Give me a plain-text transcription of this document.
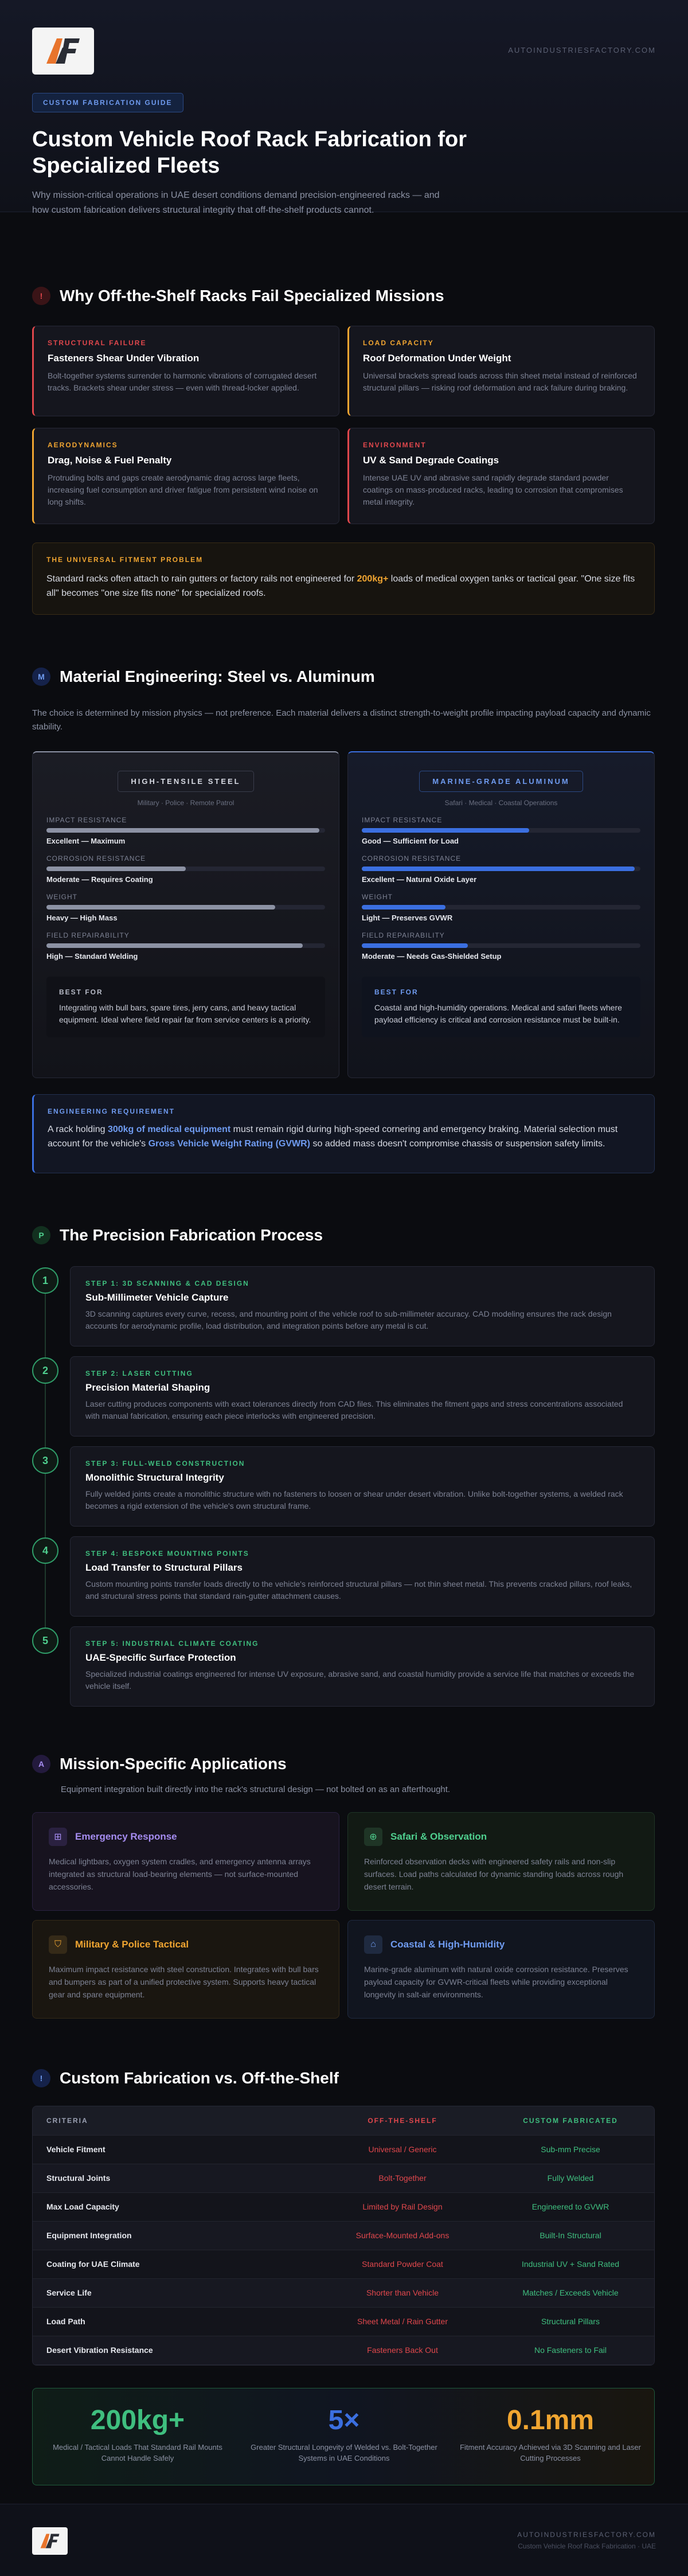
AUTOINDUSTRIESFACTORY.COM
CUSTOM FABRICATION GUIDE
Custom Vehicle Roof Rack Fabrication for Specialized Fleets

Why mission-critical operations in UAE desert conditions demand precision-engineered racks — and how custom fabrication delivers structural integrity that off-the-shelf products cannot.

!	Why Off-the-Shelf Racks Fail Specialized Missions
STRUCTURAL FAILURE
Fasteners Shear Under Vibration

Bolt-together systems surrender to harmonic vibrations of corrugated desert tracks. Brackets shear under stress — even with thread-locker applied.

LOAD CAPACITY
Roof Deformation Under Weight

Universal brackets spread loads across thin sheet metal instead of reinforced structural pillars — risking roof deformation and rack failure during braking.

AERODYNAMICS
Drag, Noise & Fuel Penalty

Protruding bolts and gaps create aerodynamic drag across large fleets, increasing fuel consumption and driver fatigue from persistent wind noise on long shifts.

ENVIRONMENT
UV & Sand Degrade Coatings

Intense UAE UV and abrasive sand rapidly degrade standard powder coatings on mass-produced racks, leading to corrosion that compromises metal integrity.

THE UNIVERSAL FITMENT PROBLEM

Standard racks often attach to rain gutters or factory rails not engineered for 200kg+ loads of medical oxygen tanks or tactical gear. "One size fits all" becomes "one size fits none" for specialized roofs.

M Material Engineering: Steel vs. Aluminum

The choice is determined by mission physics — not preference. Each material delivers a distinct strength-to-weight profile impacting payload capacity and dynamic stability.

HIGH-TENSILE STEEL
Military · Police · Remote Patrol
IMPACT RESISTANCE
Excellent — Maximum
CORROSION RESISTANCE
Moderate — Requires Coating
WEIGHT
Heavy — High Mass
FIELD REPAIRABILITY
High — Standard Welding
BEST FOR

Integrating with bull bars, spare tires, jerry cans, and heavy tactical equipment. Ideal where field repair far from service centers is a priority.

MARINE-GRADE ALUMINUM
Safari · Medical · Coastal Operations
IMPACT RESISTANCE
Good — Sufficient for Load
CORROSION RESISTANCE
Excellent — Natural Oxide Layer
WEIGHT
Light — Preserves GVWR
FIELD REPAIRABILITY
Moderate — Needs Gas-Shielded Setup
BEST FOR

Coastal and high-humidity operations. Medical and safari fleets where payload efficiency is critical and corrosion resistance must be built-in.

ENGINEERING REQUIREMENT

A rack holding 300kg of medical equipment must remain rigid during high-speed cornering and emergency braking. Material selection must account for the vehicle's Gross Vehicle Weight Rating (GVWR) so added mass doesn't compromise chassis or suspension safety limits.

P The Precision Fabrication Process
1	STEP 1: 3D SCANNING & CAD DESIGN
Sub-Millimeter Vehicle Capture

3D scanning captures every curve, recess, and mounting point of the vehicle roof to sub-millimeter accuracy. CAD modeling ensures the rack design accounts for aerodynamic profile, load distribution, and integration points before any metal is cut.

2	STEP 2: LASER CUTTING
Precision Material Shaping

Laser cutting produces components with exact tolerances directly from CAD files. This eliminates the fitment gaps and stress concentrations associated with manual fabrication, ensuring each piece interlocks with engineered precision.

3	STEP 3: FULL-WELD CONSTRUCTION
Monolithic Structural Integrity

Fully welded joints create a monolithic structure with no fasteners to loosen or shear under desert vibration. Unlike bolt-together systems, a welded rack becomes a rigid extension of the vehicle's own structural frame.

4	STEP 4: BESPOKE MOUNTING POINTS
Load Transfer to Structural Pillars

Custom mounting points transfer loads directly to the vehicle's reinforced structural pillars — not thin sheet metal. This prevents cracked pillars, roof leaks, and structural stress points that standard rain-gutter attachment causes.

5	STEP 5: INDUSTRIAL CLIMATE COATING
UAE-Specific Surface Protection

Specialized industrial coatings engineered for intense UV exposure, abrasive sand, and coastal humidity provide a service life that matches or exceeds the vehicle itself.

A Mission-Specific Applications

Equipment integration built directly into the rack's structural design — not bolted on as an afterthought.

⊞	Emergency Response

Medical lightbars, oxygen system cradles, and emergency antenna arrays integrated as structural load-bearing elements — not surface-mounted accessories.

⊕	Safari & Observation

Reinforced observation decks with engineered safety rails and non-slip surfaces. Load paths calculated for dynamic standing loads across rough desert terrain.

⛉	Military & Police Tactical

Maximum impact resistance with steel construction. Integrates with bull bars and bumpers as part of a unified protective system. Supports heavy tactical gear and spare equipment.

⌂	Coastal & High-Humidity

Marine-grade aluminum with natural oxide corrosion resistance. Preserves payload capacity for GVWR-critical fleets while providing exceptional longevity in salt-air environments.

!	Custom Fabrication vs. Off-the-Shelf
CRITERIA	OFF-THE-SHELF	CUSTOM FABRICATED
Vehicle Fitment	Universal / Generic	Sub-mm Precise
Structural Joints	Bolt-Together	Fully Welded
Max Load Capacity	Limited by Rail Design	Engineered to GVWR
Equipment Integration	Surface-Mounted Add-ons	Built-In Structural
Coating for UAE Climate	Standard Powder Coat	Industrial UV + Sand Rated
Service Life	Shorter than Vehicle	Matches / Exceeds Vehicle
Load Path	Sheet Metal / Rain Gutter	Structural Pillars
Desert Vibration Resistance	Fasteners Back Out	No Fasteners to Fail
200kg+
Medical / Tactical Loads That Standard Rail Mounts Cannot Handle Safely
5×
Greater Structural Longevity of Welded vs. Bolt-Together Systems in UAE Conditions
0.1mm
Fitment Accuracy Achieved via 3D Scanning and Laser Cutting Processes
AUTOINDUSTRIESFACTORY.COM
Custom Vehicle Roof Rack Fabrication · UAE
